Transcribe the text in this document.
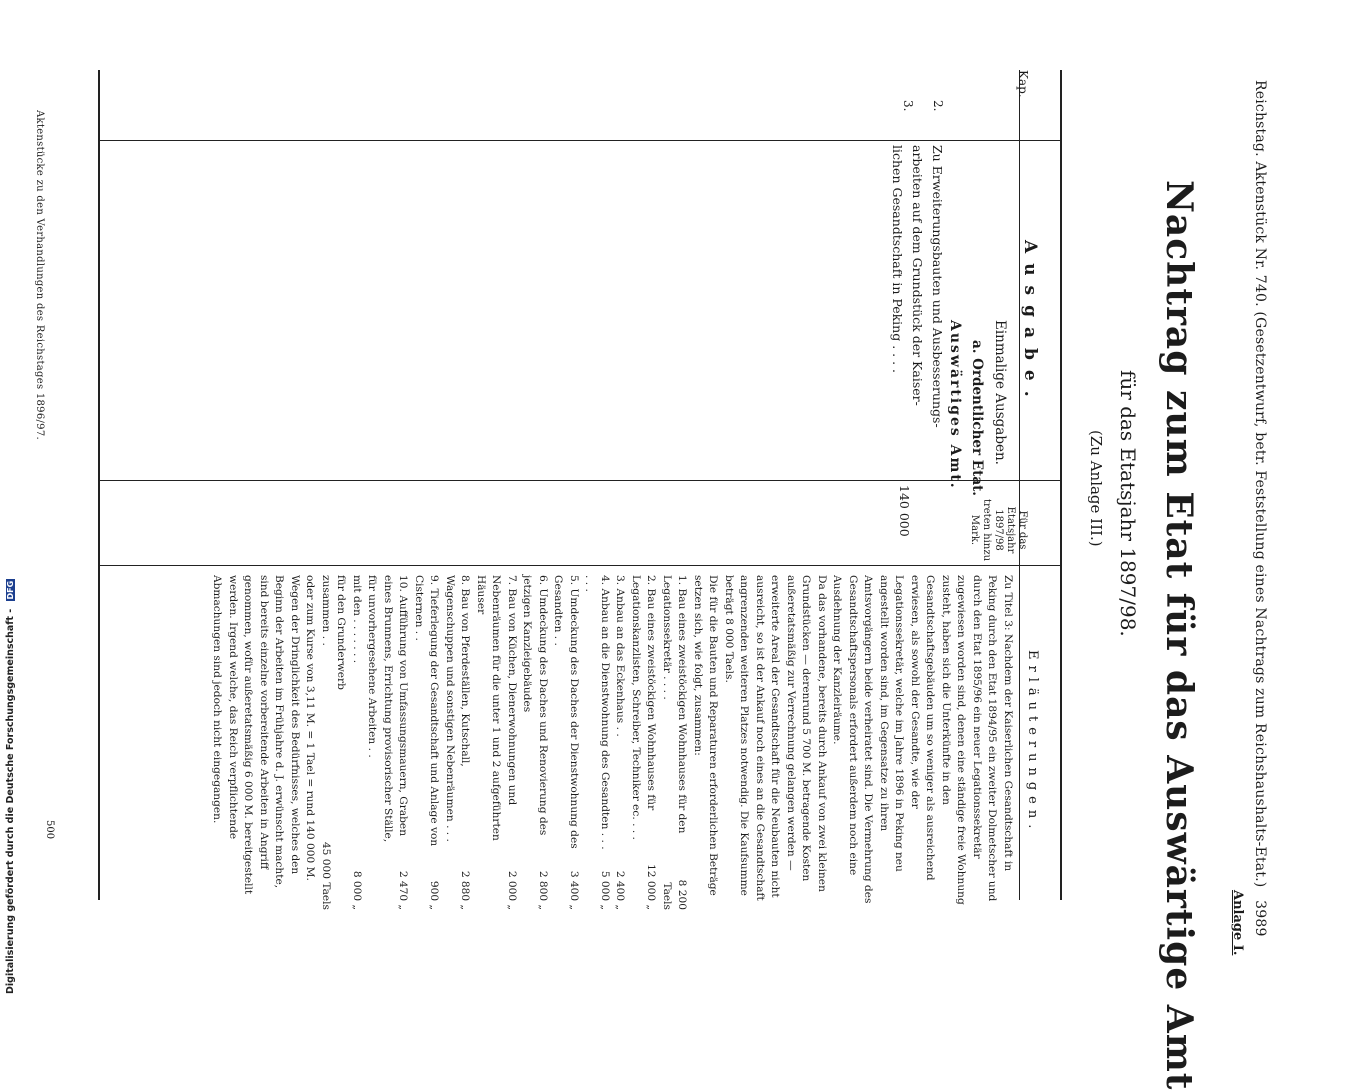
Digitalisierung gefördert durch die Deutsche Forschungsgemeinschaft - DFG
Aktenstücke zu den Verhandlungen des Reichstages 1896/97.
500	Reichstag. Aktenstück Nr. 740. (Gesetzentwurf, betr. Feststellung eines Nachtrags zum Reichshaushalts-Etat.) 3989
Anlage I.
Nachtrag zum Etat für das Auswärtige Amt
für das Etatsjahr 1897/98.
(Zu Anlage III.)
Kap.
Ausgabe.
Für das Etatsjahr 1897/98 treten hinzu Mark.
Erläuterungen.
Einmalige Ausgaben.
a. Ordentlicher Etat.
Auswärtiges Amt.
2.
3.
Zu Erweiterungsbauten und Ausbesserungs-
arbeiten auf dem Grundstück der Kaiser-
lichen Gesandtschaft in Peking . . . .
140 000

Zu Titel 3: Nachdem der Kaiserlichen Gesandtschaft in Peking durch den Etat 1894/95 ein zweiter Dolmetscher und durch den Etat 1895/96 ein neuer Legationssekretär zugewiesen worden sind, denen eine ständige freie Wohnung zusteht, haben sich die Unterkünfte in den Gesandtschaftsgebäuden um so weniger als ausreichend erwiesen, als sowohl der Gesandte, wie der Legationssekretär, welche im Jahre 1896 in Peking neu angestellt worden sind, im Gegensatze zu ihren Amtsvorgängern beide verheiratet sind. Die Vermehrung des Gesandtschaftspersonals erfordert außerdem noch eine Ausdehnung der Kanzleiräume.

Da das vorhandene, bereits durch Ankauf von zwei kleinen Grundstücken — derenrund 5 700 M. betragende Kosten außeretatsmäßig zur Verrechnung gelangen werden — erweiterte Areal der Gesandtschaft für die Neubauten nicht ausreicht, so ist der Ankauf noch eines an die Gesandtschaft angrenzenden weiteren Platzes notwendig. Die Kaufsumme beträgt 8 000 Taels.

Die für die Bauten und Reparaturen erforderlichen Beträge setzen sich, wie folgt, zusammen:

1. Bau eines zweistöckigen Wohnhauses für den Legationssekretär . . . .
8 200 Taels
2. Bau eines zweistöckigen Wohnhauses für Legationskanzlisten, Schreiber, Techniker ec. . . .
12 000 „
3. Anbau an das Eckenhaus . .
2 400 „
4. Anbau an die Dienstwohnung des Gesandten . . . . . .
5 000 „
5. Umdeckung des Daches der Dienstwohnung des Gesandten . .
3 400 „
6. Umdeckung des Daches und Renovierung des jetzigen Kanzleigebäudes
2 800 „
7. Bau von Küchen, Dienerwohnungen und Nebenräumen für die unter 1 und 2 aufgeführten Häuser
2 000 „
8. Bau von Pferdeställen, Kutschall, Wagenschuppen und sonstigen Nebenräumen . . .
2 880 „
9. Tieferlegung der Gesandtschaft und Anlage von Cisternen . .
900 „
10. Aufführung von Umfassungsmauern, Graben eines Brunnens, Errichtung provisorischer Ställe, für unvorhergesehene Arbeiten . .
2 470 „
mit den . . . . . . .
8 000 „
für den Grunderwerb
zusammen . .
45 000 Taels

oder zum Kurse von 3,11 M. = 1 Tael = rund 140 000 M.

Wegen der Dringlichkeit des Bedürfnisses, welches den Beginn der Arbeiten im Frühjahre d. J. erwünscht machte, sind bereits einzelne vorbereitende Arbeiten in Angriff genommen, wofür außeretatsmäßig 6 000 M. bereitgestellt werden. Irgend welche, das Reich verpflichtende Abmachungen sind jedoch nicht eingegangen.
